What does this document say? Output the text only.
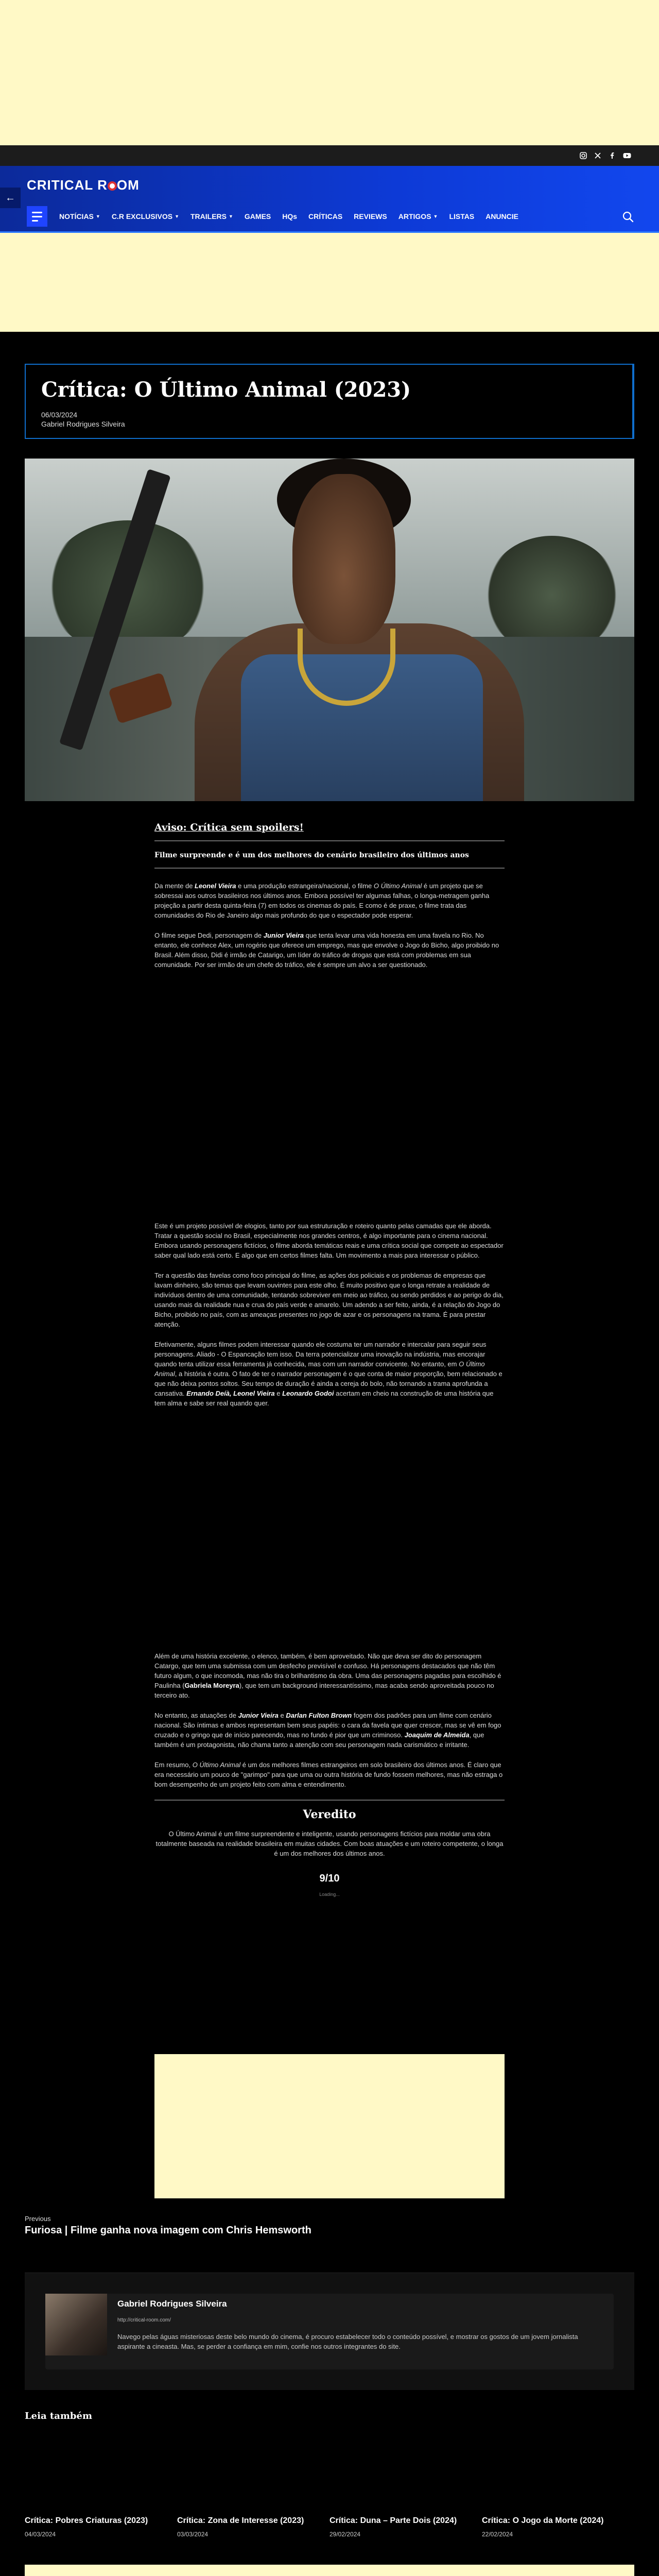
←
CRITICAL R OM
NOTÍCIAS ▼ C.R EXCLUSIVOS ▼ TRAILERS ▼ GAMES HQs CRÍTICAS REVIEWS ARTIGOS ▼ LISTAS ANUNCIE
Crítica: O Último Animal (2023)
06/03/2024
Gabriel Rodrigues Silveira
Aviso: Crítica sem spoilers!
Filme surpreende e é um dos melhores do cenário brasileiro dos últimos anos

Da mente de Leonel Vieira e uma produção estrangeira/nacional, o filme O Último Animal é um projeto que se sobressai aos outros brasileiros nos últimos anos. Embora possível ter algumas falhas, o longa-metragem ganha projeção a partir desta quinta-feira (7) em todos os cinemas do país. E como é de praxe, o filme trata das comunidades do Rio de Janeiro algo mais profundo do que o espectador pode esperar.

O filme segue Dedi, personagem de Junior Vieira que tenta levar uma vida honesta em uma favela no Rio. No entanto, ele conhece Alex, um rogério que oferece um emprego, mas que envolve o Jogo do Bicho, algo proibido no Brasil. Além disso, Didi é irmão de Catarigo, um líder do tráfico de drogas que está com problemas em sua comunidade. Por ser irmão de um chefe do tráfico, ele é sempre um alvo a ser questionado.

Este é um projeto possível de elogios, tanto por sua estruturação e roteiro quanto pelas camadas que ele aborda. Tratar a questão social no Brasil, especialmente nos grandes centros, é algo importante para o cinema nacional. Embora usando personagens fictícios, o filme aborda temáticas reais e uma crítica social que compete ao espectador saber qual lado está certo. E algo que em certos filmes falta. Um movimento a mais para interessar o público.

Ter a questão das favelas como foco principal do filme, as ações dos policiais e os problemas de empresas que lavam dinheiro, são temas que levam ouvintes para este olho. É muito positivo que o longa retrate a realidade de indivíduos dentro de uma comunidade, tentando sobreviver em meio ao tráfico, ou sendo perdidos e ao perigo do dia, usando mais da realidade nua e crua do país verde e amarelo. Um adendo a ser feito, ainda, é a relação do Jogo do Bicho, proibido no país, com as ameaças presentes no jogo de azar e os personagens na trama. É para prestar atenção.

Efetivamente, alguns filmes podem interessar quando ele costuma ter um narrador e intercalar para seguir seus personagens. Aliado - O Espancação tem isso. Da terra potencializar uma inovação na indústria, mas encorajar quando tenta utilizar essa ferramenta já conhecida, mas com um narrador convicente. No entanto, em O Último Animal, a história é outra. O fato de ter o narrador personagem é o que conta de maior proporção, bem relacionado e que não deixa pontos soltos. Seu tempo de duração é ainda a cereja do bolo, não tornando a trama aprofunda a cansativa. Ernando Deíà, Leonel Vieira e Leonardo Godoi acertam em cheio na construção de uma história que tem alma e sabe ser real quando quer.

Além de uma história excelente, o elenco, também, é bem aproveitado. Não que deva ser dito do personagem Catargo, que tem uma submissa com um desfecho previsível e confuso. Há personagens destacados que não têm futuro algum, o que incomoda, mas não tira o brilhantismo da obra. Uma das personagens pagadas para escolhido é Paulinha (Gabriela Moreyra), que tem um background interessantíssimo, mas acaba sendo aproveitada pouco no terceiro ato.

No entanto, as atuações de Junior Vieira e Darlan Fulton Brown fogem dos padrões para um filme com cenário nacional. São íntimas e ambos representam bem seus papéis: o cara da favela que quer crescer, mas se vê em fogo cruzado e o gringo que de início parecendo, mas no fundo é pior que um criminoso. Joaquim de Almeida, que também é um protagonista, não chama tanto a atenção com seu personagem nada carismático e irritante.

Em resumo, O Último Animal é um dos melhores filmes estrangeiros em solo brasileiro dos últimos anos. É claro que era necessário um pouco de "garimpo" para que uma ou outra história de fundo fossem melhores, mas não estraga o bom desempenho de um projeto feito com alma e entendimento.

Veredito

O Último Animal é um filme surpreendente e inteligente, usando personagens fictícios para moldar uma obra totalmente baseada na realidade brasileira em muitas cidades. Com boas atuações e um roteiro competente, o longa é um dos melhores dos últimos anos.

9/10
Loading...
Previous
Furiosa | Filme ganha nova imagem com Chris Hemsworth
Gabriel Rodrigues Silveira
http://critical-room.com/
Navego pelas águas misteriosas deste belo mundo do cinema, é procuro estabelecer todo o conteúdo possível, e mostrar os gostos de um jovem jornalista aspirante a cineasta. Mas, se perder a confiança em mim, confie nos outros integrantes do site.
Leia também
Crítica: Pobres Criaturas (2023)
04/03/2024
Crítica: Zona de Interesse (2023)
03/03/2024
Crítica: Duna – Parte Dois (2024)
29/02/2024
Crítica: O Jogo da Morte (2024)
22/02/2024
